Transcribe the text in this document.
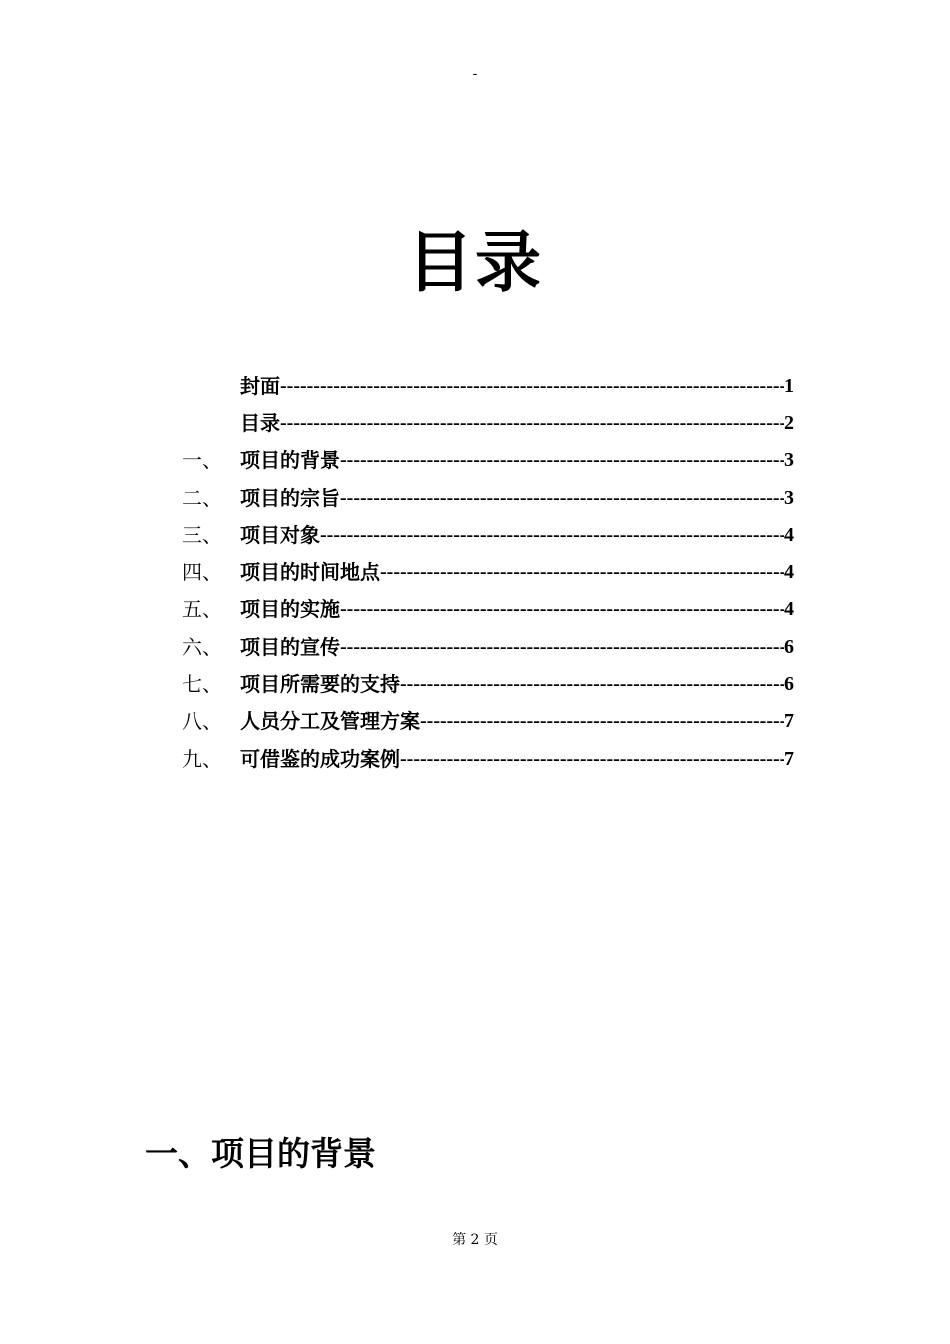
-
目录
封面 -----	1
目录 -----	2
一、 项目的背景 -----	3
二、 项目的宗旨 -----	3
三、 项目对象 -----	4
四、 项目的时间地点 -----	4
五、 项目的实施 -----	4
六、 项目的宣传 -----	6
七、 项目所需要的支持 -----	6
八、 人员分工及管理方案 -----	7
九、 可借鉴的成功案例 -----	7
一、项目的背景
第 2 页
